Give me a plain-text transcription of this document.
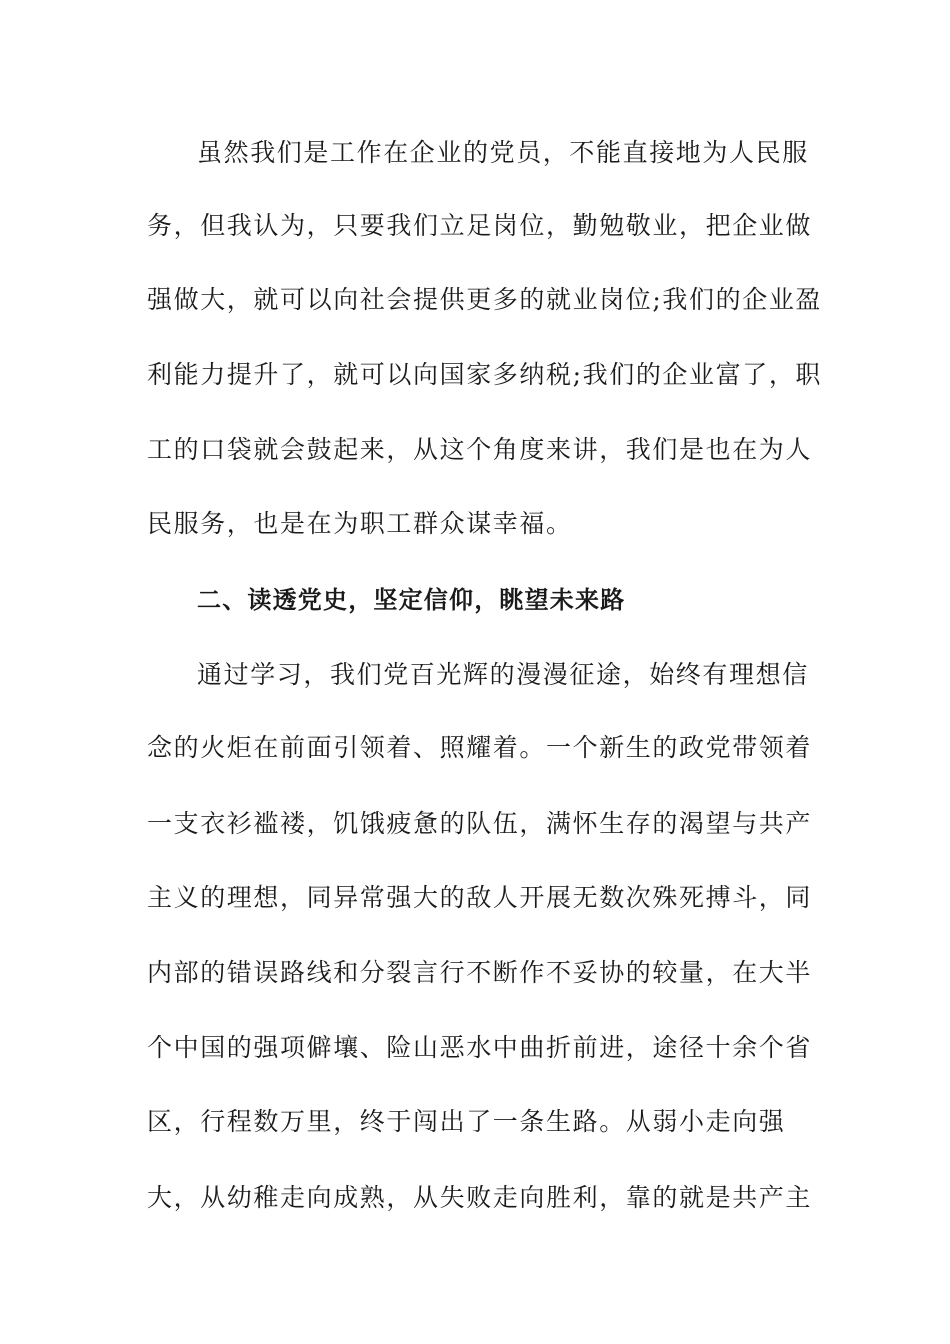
虽然我们是工作在企业的党员，不能直接地为人民服
务，但我认为，只要我们立足岗位，勤勉敬业，把企业做
强做大，就可以向社会提供更多的就业岗位;我们的企业盈
利能力提升了，就可以向国家多纳税;我们的企业富了，职
工的口袋就会鼓起来，从这个角度来讲，我们是也在为人
民服务，也是在为职工群众谋幸福。
二、读透党史，坚定信仰，眺望未来路
通过学习，我们党百光辉的漫漫征途，始终有理想信
念的火炬在前面引领着、照耀着。一个新生的政党带领着
一支衣衫褴褛，饥饿疲惫的队伍，满怀生存的渴望与共产
主义的理想，同异常强大的敌人开展无数次殊死搏斗，同
内部的错误路线和分裂言行不断作不妥协的较量，在大半
个中国的强项僻壤、险山恶水中曲折前进，途径十余个省
区，行程数万里，终于闯出了一条生路。从弱小走向强
大，从幼稚走向成熟，从失败走向胜利，靠的就是共产主
